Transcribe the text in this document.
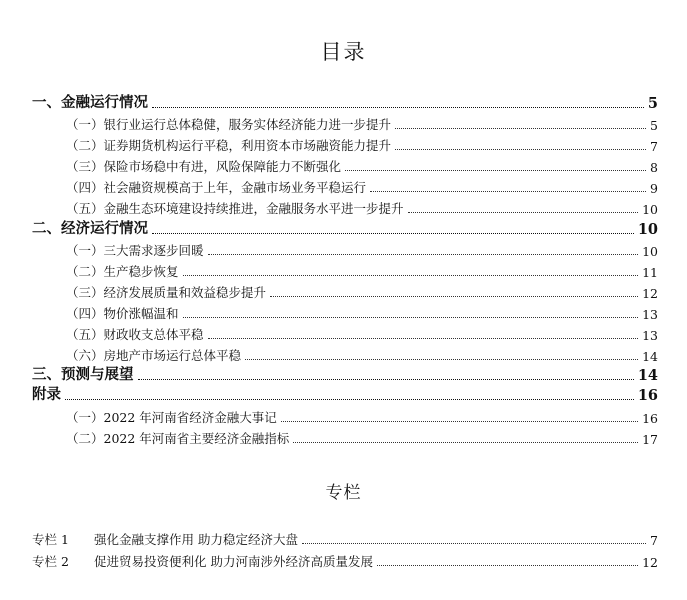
目录
一、金融运行情况	5
（一）银行业运行总体稳健，服务实体经济能力进一步提升	5
（二）证券期货机构运行平稳，利用资本市场融资能力提升	7
（三）保险市场稳中有进，风险保障能力不断强化	8
（四）社会融资规模高于上年，金融市场业务平稳运行	9
（五）金融生态环境建设持续推进，金融服务水平进一步提升	10
二、经济运行情况	10
（一）三大需求逐步回暖	10
（二）生产稳步恢复	11
（三）经济发展质量和效益稳步提升	12
（四）物价涨幅温和	13
（五）财政收支总体平稳	13
（六）房地产市场运行总体平稳	14
三、预测与展望	14
附录	16
（一）2022 年河南省经济金融大事记	16
（二）2022 年河南省主要经济金融指标	17
专栏
专栏 1	强化金融支撑作用 助力稳定经济大盘	7
专栏 2	促进贸易投资便利化 助力河南涉外经济高质量发展	12
